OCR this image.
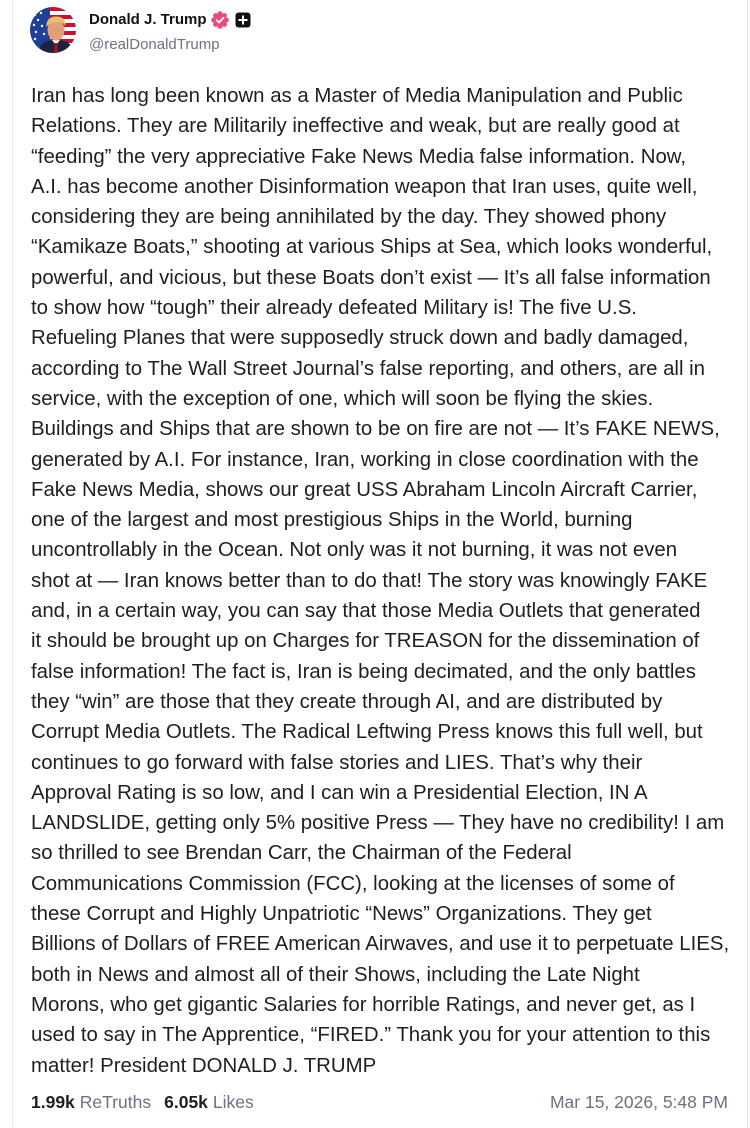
Donald J. Trump
@realDonaldTrump
Iran has long been known as a Master of Media Manipulation and Public
Relations. They are Militarily ineffective and weak, but are really good at
“feeding” the very appreciative Fake News Media false information. Now,
A.I. has become another Disinformation weapon that Iran uses, quite well,
considering they are being annihilated by the day. They showed phony
“Kamikaze Boats,” shooting at various Ships at Sea, which looks wonderful,
powerful, and vicious, but these Boats don’t exist — It’s all false information
to show how “tough” their already defeated Military is! The five U.S.
Refueling Planes that were supposedly struck down and badly damaged,
according to The Wall Street Journal’s false reporting, and others, are all in
service, with the exception of one, which will soon be flying the skies.
Buildings and Ships that are shown to be on fire are not — It’s FAKE NEWS,
generated by A.I. For instance, Iran, working in close coordination with the
Fake News Media, shows our great USS Abraham Lincoln Aircraft Carrier,
one of the largest and most prestigious Ships in the World, burning
uncontrollably in the Ocean. Not only was it not burning, it was not even
shot at — Iran knows better than to do that! The story was knowingly FAKE
and, in a certain way, you can say that those Media Outlets that generated
it should be brought up on Charges for TREASON for the dissemination of
false information! The fact is, Iran is being decimated, and the only battles
they “win” are those that they create through AI, and are distributed by
Corrupt Media Outlets. The Radical Leftwing Press knows this full well, but
continues to go forward with false stories and LIES. That’s why their
Approval Rating is so low, and I can win a Presidential Election, IN A
LANDSLIDE, getting only 5% positive Press — They have no credibility! I am
so thrilled to see Brendan Carr, the Chairman of the Federal
Communications Commission (FCC), looking at the licenses of some of
these Corrupt and Highly Unpatriotic “News” Organizations. They get
Billions of Dollars of FREE American Airwaves, and use it to perpetuate LIES,
both in News and almost all of their Shows, including the Late Night
Morons, who get gigantic Salaries for horrible Ratings, and never get, as I
used to say in The Apprentice, “FIRED.” Thank you for your attention to this
matter! President DONALD J. TRUMP
1.99k ReTruths 6.05k Likes	Mar 15, 2026, 5:48 PM
